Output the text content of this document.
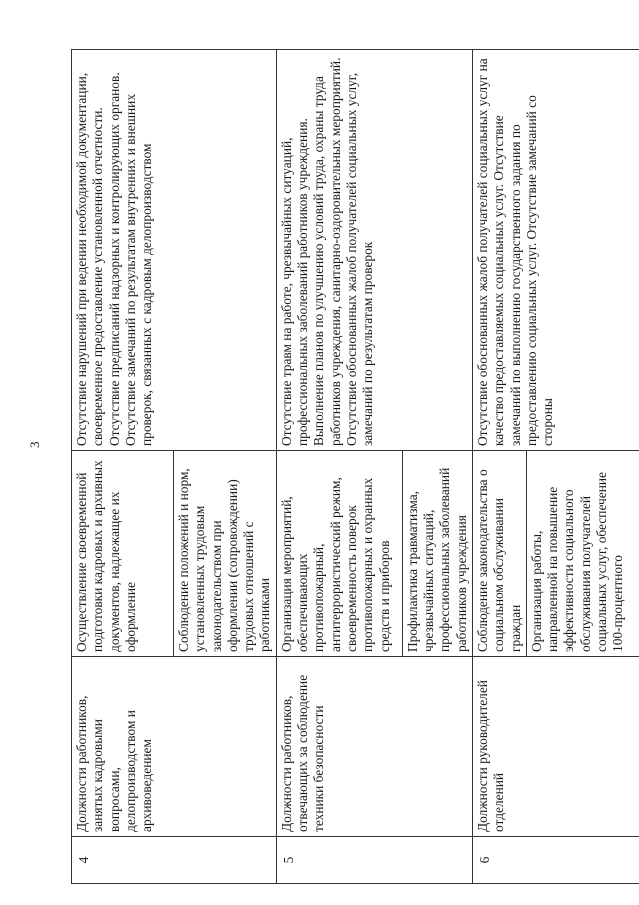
3
4	Должности работников, занятых кадровыми вопросами, делопроизводством и архивоведением	Осуществление своевременной подготовки кадровых и архивных документов, надлежащее их оформление	Отсутствие нарушений при ведении необходимой документации, своевременное предоставление установленной отчетности. Отсутствие предписаний надзорных и контролирующих органов. Отсутствие замечаний по результатам внутренних и внешних проверок, связанных с кадровым делопроизводством
		Соблюдение положений и норм, установленных трудовым законодательством при оформлении (сопровождении) трудовых отношений с работниками	
5	Должности работников, отвечающих за соблюдение техники безопасности	Организация мероприятий, обеспечивающих противопожарный, антитеррористический режим, своевременность поверок противопожарных и охранных средств и приборов	Отсутствие травм на работе, чрезвычайных ситуаций, профессиональных заболеваний работников учреждения. Выполнение планов по улучшению условий труда, охраны труда работников учреждения, санитарно-оздоровительных мероприятий. Отсутствие обоснованных жалоб получателей социальных услуг, замечаний по результатам проверок
		Профилактика травматизма, чрезвычайных ситуаций, профессиональных заболеваний работников учреждения	
6	Должности руководителей отделений	Соблюдение законодательства о социальном обслуживании граждан	Отсутствие обоснованных жалоб получателей социальных услуг на качество предоставляемых социальных услуг. Отсутствие замечаний по выполнению государственного задания по предоставлению социальных услуг. Отсутствие замечаний со стороны
		Организация работы, направленной на повышение эффективности социального обслуживания получателей социальных услуг, обеспечение 100-процентного	
